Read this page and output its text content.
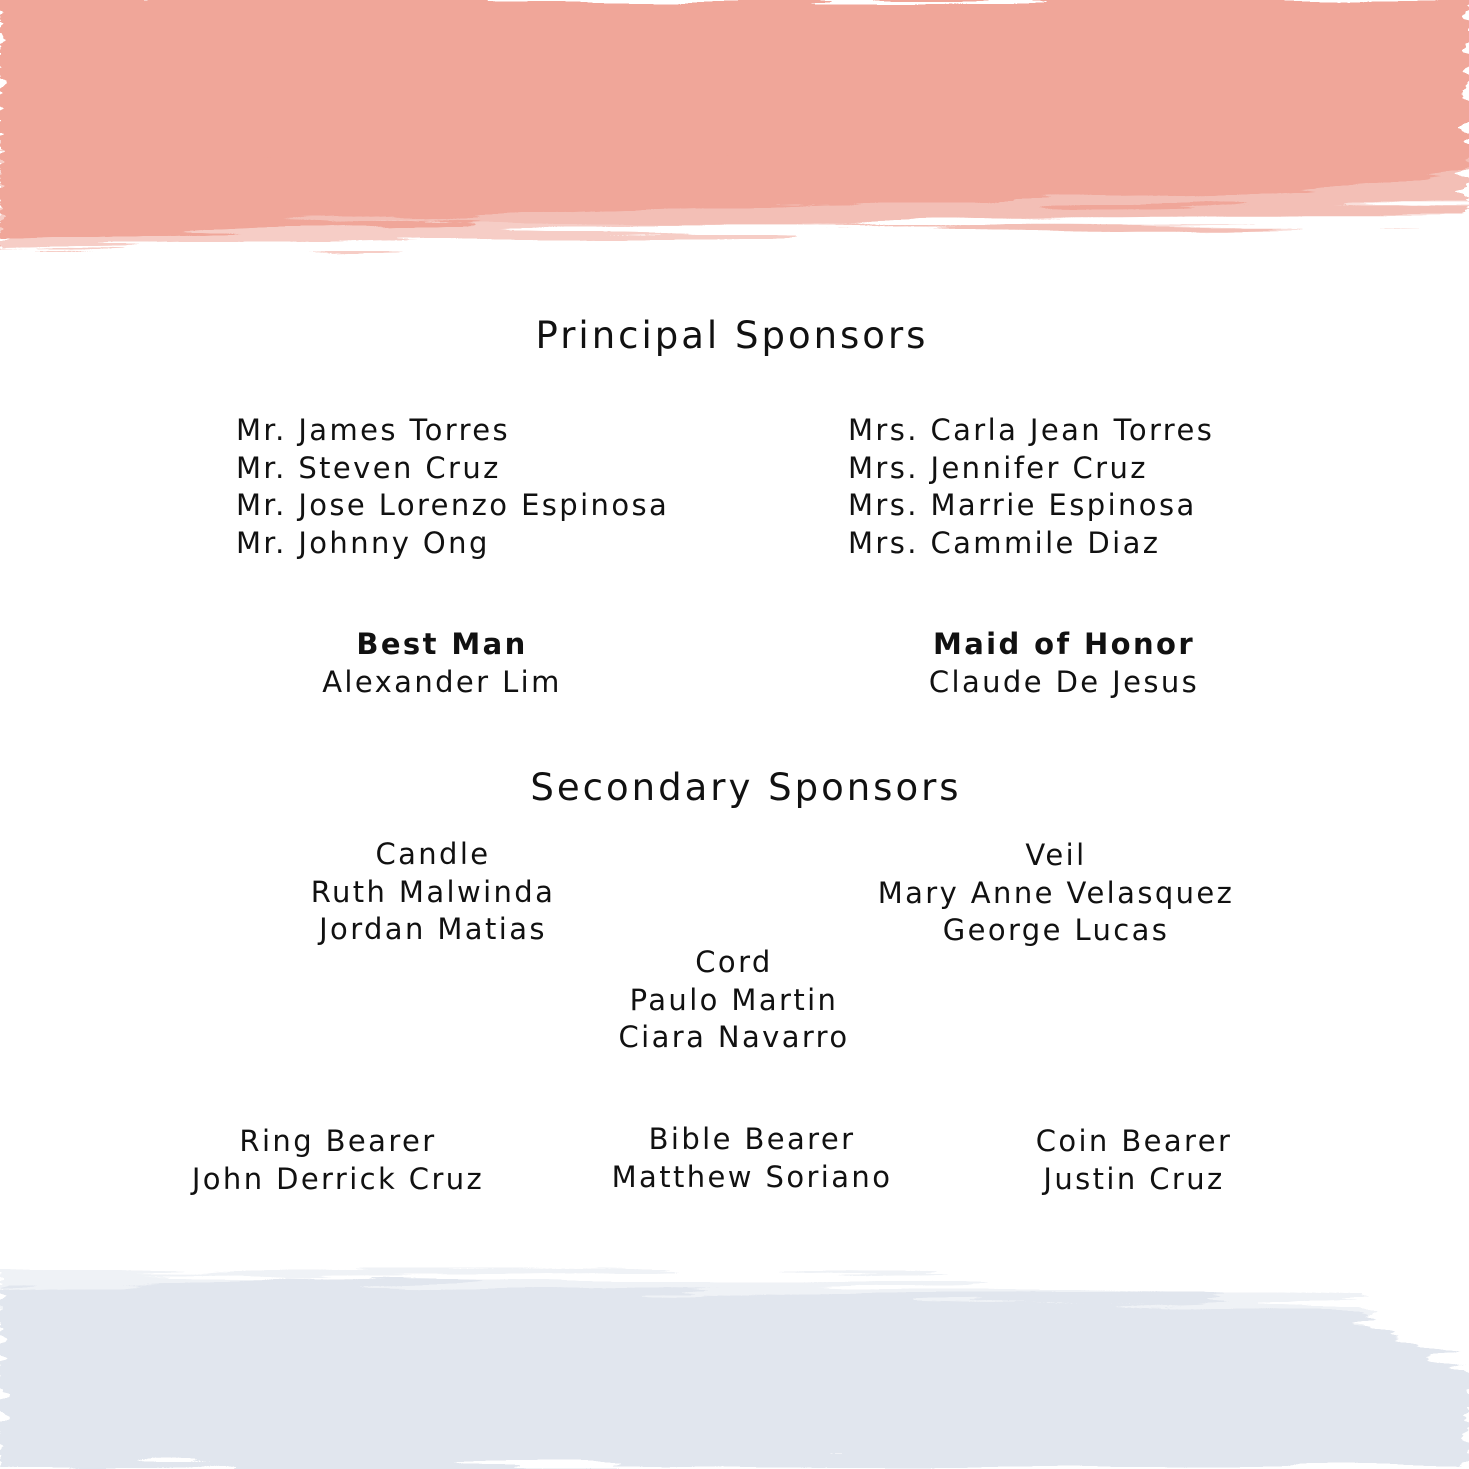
Principal Sponsors
Mr. James Torres
Mr. Steven Cruz
Mr. Jose Lorenzo Espinosa
Mr. Johnny Ong
Mrs. Carla Jean Torres
Mrs. Jennifer Cruz
Mrs. Marrie Espinosa
Mrs. Cammile Diaz
Best Man
Alexander Lim
Maid of Honor
Claude De Jesus
Secondary Sponsors
Candle
Ruth Malwinda
Jordan Matias
Veil
Mary Anne Velasquez
George Lucas
Cord
Paulo Martin
Ciara Navarro
Ring Bearer
John Derrick Cruz
Bible Bearer
Matthew Soriano
Coin Bearer
Justin Cruz
